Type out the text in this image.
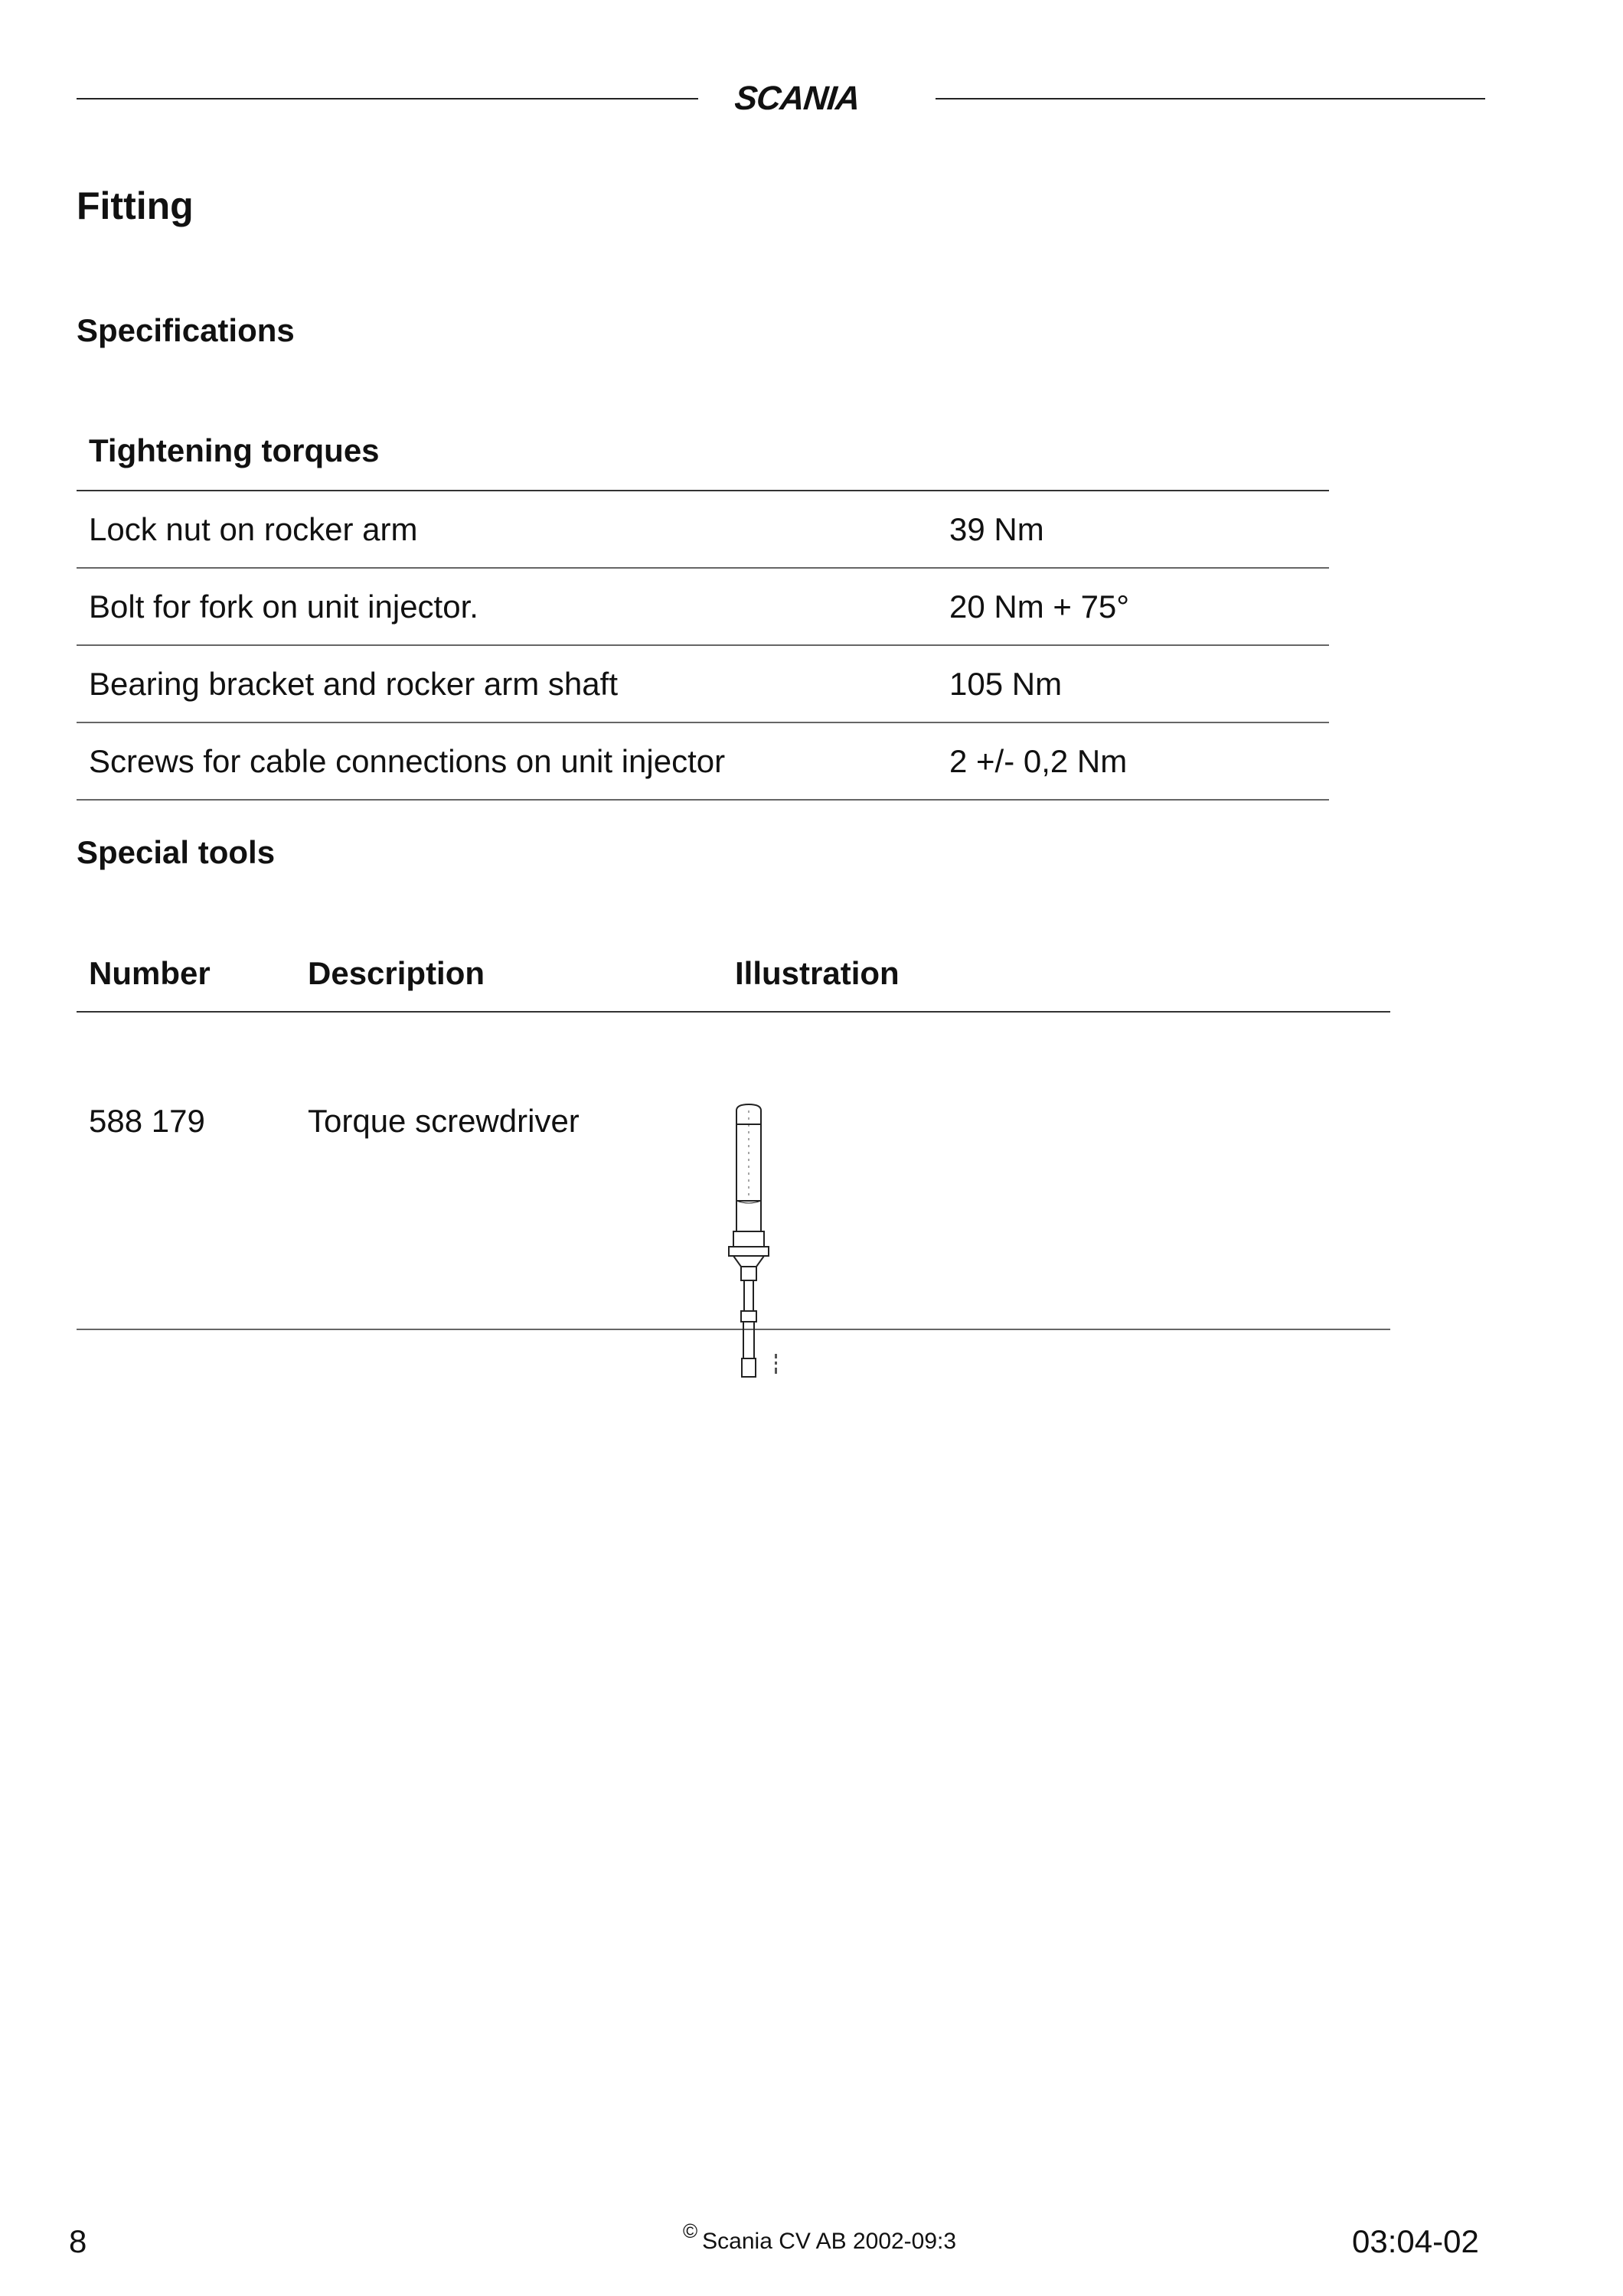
SCANIA
Fitting
Specifications
Tightening torques
Lock nut on rocker arm	39 Nm
Bolt for fork on unit injector.	20 Nm + 75°
Bearing bracket and rocker arm shaft	105 Nm
Screws for cable connections on unit injector	2 +/- 0,2 Nm
Special tools
Number	Description	Illustration
588 179	Torque screwdriver
8	© Scania CV AB 2002-09:3	03:04-02
